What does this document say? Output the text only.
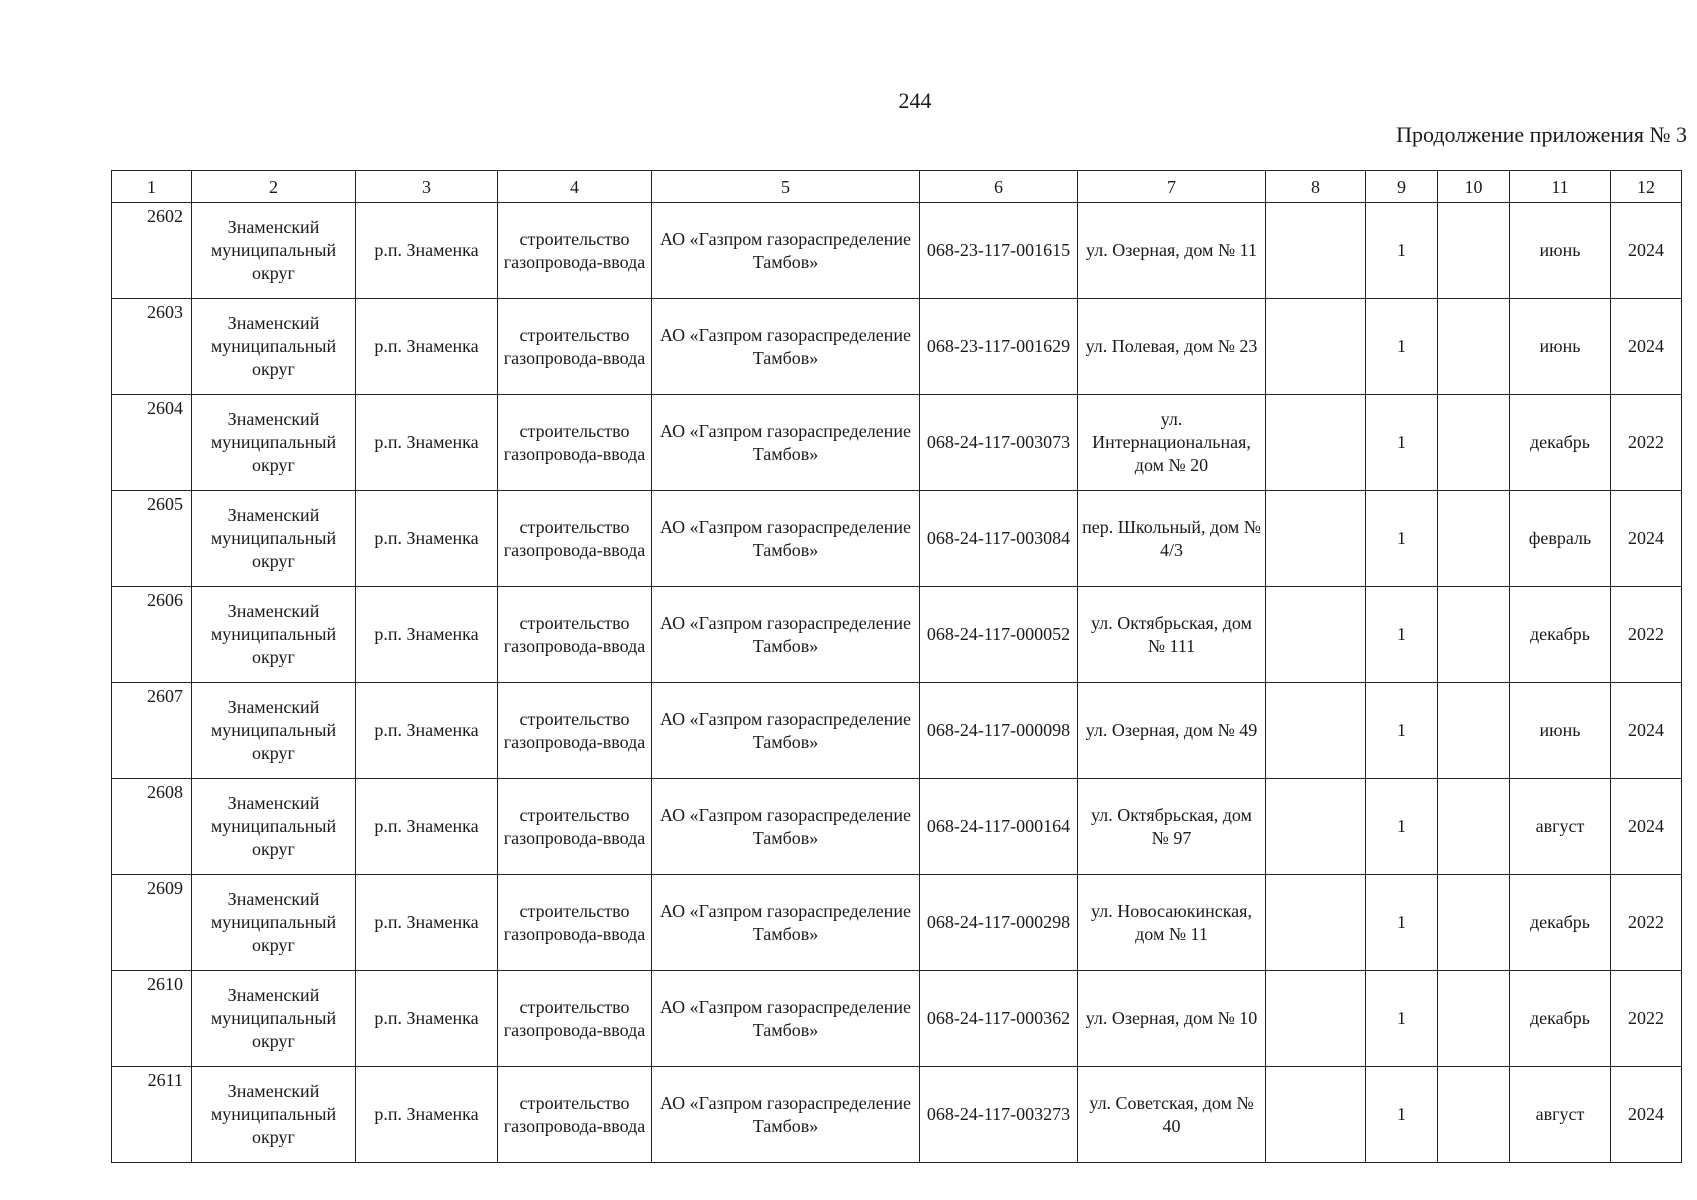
244
Продолжение приложения № 3
1	2	3	4	5	6	7	8	9	10	11	12
2602	Знаменский муниципальный округ	р.п. Знаменка	строительство газопровода-ввода	АО «Газпром газораспределение Тамбов»	068-23-117-001615	ул. Озерная, дом № 11		1		июнь	2024
2603	Знаменский муниципальный округ	р.п. Знаменка	строительство газопровода-ввода	АО «Газпром газораспределение Тамбов»	068-23-117-001629	ул. Полевая, дом № 23		1		июнь	2024
2604	Знаменский муниципальный округ	р.п. Знаменка	строительство газопровода-ввода	АО «Газпром газораспределение Тамбов»	068-24-117-003073	ул. Интернациональная, дом № 20		1		декабрь	2022
2605	Знаменский муниципальный округ	р.п. Знаменка	строительство газопровода-ввода	АО «Газпром газораспределение Тамбов»	068-24-117-003084	пер. Школьный, дом № 4/3		1		февраль	2024
2606	Знаменский муниципальный округ	р.п. Знаменка	строительство газопровода-ввода	АО «Газпром газораспределение Тамбов»	068-24-117-000052	ул. Октябрьская, дом № 111		1		декабрь	2022
2607	Знаменский муниципальный округ	р.п. Знаменка	строительство газопровода-ввода	АО «Газпром газораспределение Тамбов»	068-24-117-000098	ул. Озерная, дом № 49		1		июнь	2024
2608	Знаменский муниципальный округ	р.п. Знаменка	строительство газопровода-ввода	АО «Газпром газораспределение Тамбов»	068-24-117-000164	ул. Октябрьская, дом № 97		1		август	2024
2609	Знаменский муниципальный округ	р.п. Знаменка	строительство газопровода-ввода	АО «Газпром газораспределение Тамбов»	068-24-117-000298	ул. Новосаюкинская, дом № 11		1		декабрь	2022
2610	Знаменский муниципальный округ	р.п. Знаменка	строительство газопровода-ввода	АО «Газпром газораспределение Тамбов»	068-24-117-000362	ул. Озерная, дом № 10		1		декабрь	2022
2611	Знаменский муниципальный округ	р.п. Знаменка	строительство газопровода-ввода	АО «Газпром газораспределение Тамбов»	068-24-117-003273	ул. Советская, дом № 40		1		август	2024
